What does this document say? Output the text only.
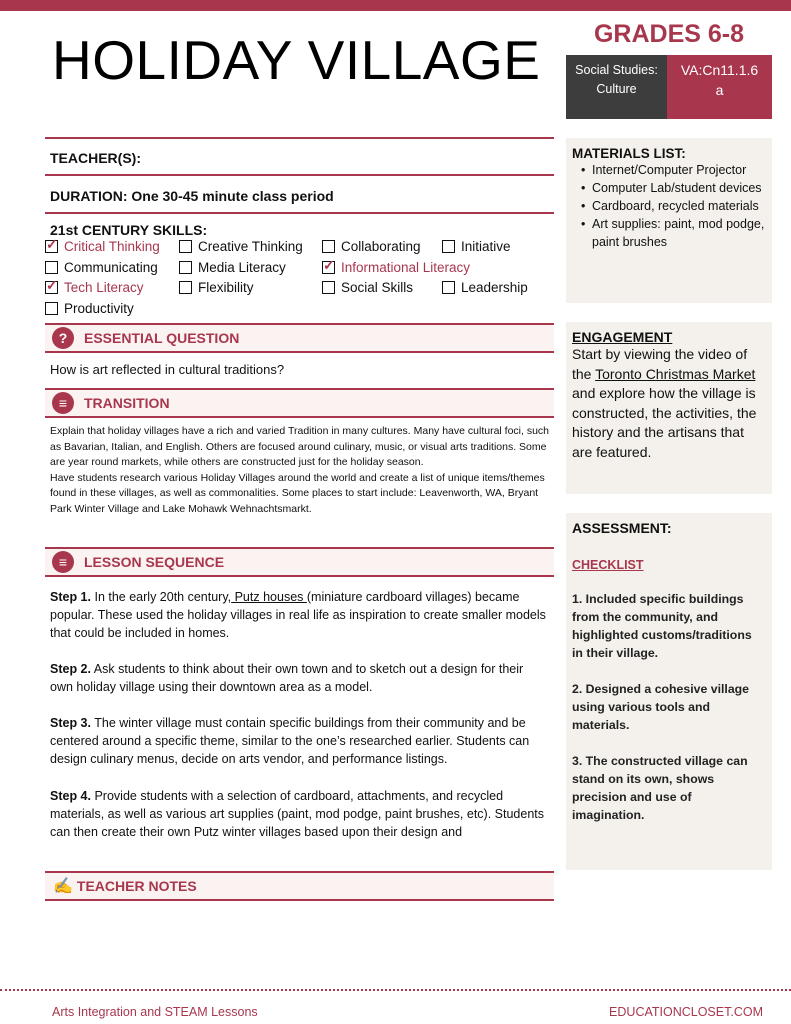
HOLIDAY VILLAGE	GRADES 6-8
Social Studies:
Culture
VA:Cn11.1.6
a
TEACHER(S):
DURATION: One 30-45 minute class period
21st CENTURY SKILLS:
✓
Critical Thinking	Creative Thinking	Collaborating	Initiative
Communicating	Media Literacy
✓	Informational Literacy
✓
Tech Literacy	Flexibility	Social Skills	Leadership
Productivity
?	ESSENTIAL QUESTION
How is art reflected in cultural traditions?
≡	TRANSITION
Explain that holiday villages have a rich and varied Tradition in many cultures. Many have cultural foci, such as Bavarian, Italian, and English. Others are focused around culinary, music, or visual arts traditions. Some are year round markets, while others are constructed just for the holiday season.
Have students research various Holiday Villages around the world and create a list of unique items/themes found in these villages, as well as commonalities. Some places to start include: Leavenworth, WA, Bryant Park Winter Village and Lake Mohawk Wehnachtsmarkt.
≡	LESSON SEQUENCE
Step 1. In the early 20th century, Putz houses (miniature cardboard villages) became popular. These used the holiday villages in real life as inspiration to create smaller models that could be included in homes.
Step 2. Ask students to think about their own town and to sketch out a design for their own holiday village using their downtown area as a model.
Step 3. The winter village must contain specific buildings from their community and be centered around a specific theme, similar to the one’s researched earlier. Students can design culinary menus, decide on arts vendor, and performance listings.
Step 4. Provide students with a selection of cardboard, attachments, and recycled materials, as well as various art supplies (paint, mod podge, paint brushes, etc). Students can then create their own Putz winter villages based upon their design and
✍ TEACHER NOTES
MATERIALS LIST:
• Internet/Computer Projector
• Computer Lab/student devices
• Cardboard, recycled materials
• Art supplies: paint, mod podge, paint brushes
ENGAGEMENT
Start by viewing the video of the Toronto Christmas Market and explore how the village is constructed, the activities, the history and the artisans that are featured.
ASSESSMENT:
CHECKLIST

1. Included specific buildings from the community, and highlighted customs/traditions in their village.

2. Designed a cohesive village using various tools and materials.

3. The constructed village can stand on its own, shows precision and use of imagination.

Arts Integration and STEAM Lessons	EDUCATIONCLOSET.COM
